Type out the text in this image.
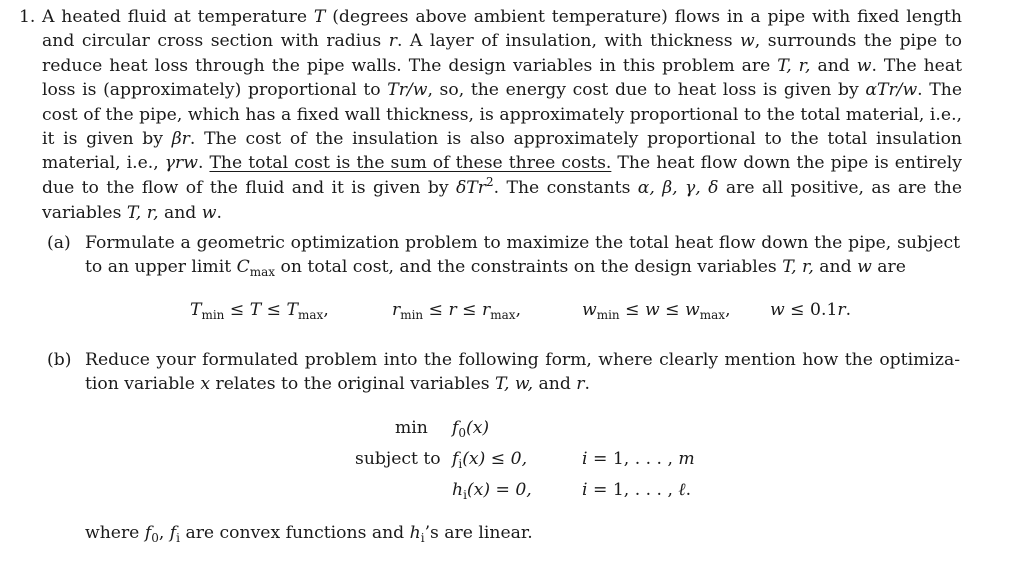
1. A heated fluid at temperature T (degrees above ambient temperature) flows in a pipe with fixed length and circular cross section with radius r. A layer of insulation, with thickness w, surrounds the pipe to reduce heat loss through the pipe walls. The design variables in this problem are T, r, and w. The heat loss is (approximately) proportional to Tr/w, so, the energy cost due to heat loss is given by αTr/w. The cost of the pipe, which has a fixed wall thickness, is approximately proportional to the total material, i.e., it is given by βr. The cost of the insulation is also approximately proportional to the total insulation material, i.e., γrw. The total cost is the sum of these three costs. The heat flow down the pipe is entirely due to the flow of the fluid and it is given by δTr$^2$. The constants α, β, γ, δ are all positive, as are the variables T, r, and w.

(a) Formulate a geometric optimization problem to maximize the total heat flow down the pipe, subject to an upper limit $C_{max}$ on total cost, and the constraints on the design variables T, r, and w are

$T_{min} \le T \le T_{max}$,	$r_{min} \le r \le r_{max}$,	$w_{min} \le w \le w_{max}$, w ≤ 0.1r.

(b) Reduce your formulated problem into the following form, where clearly mention how the optimiza- tion variable x relates to the original variables T, w, and r.

$\min f_0(x)$
subject to $f_i(x) \le 0$,	i = 1, . . . , m
$h_i(x) = 0$,	i = 1, . . . , ℓ.
where $f_0$, $f_i$ are convex functions and $h_i’s$ are linear.
